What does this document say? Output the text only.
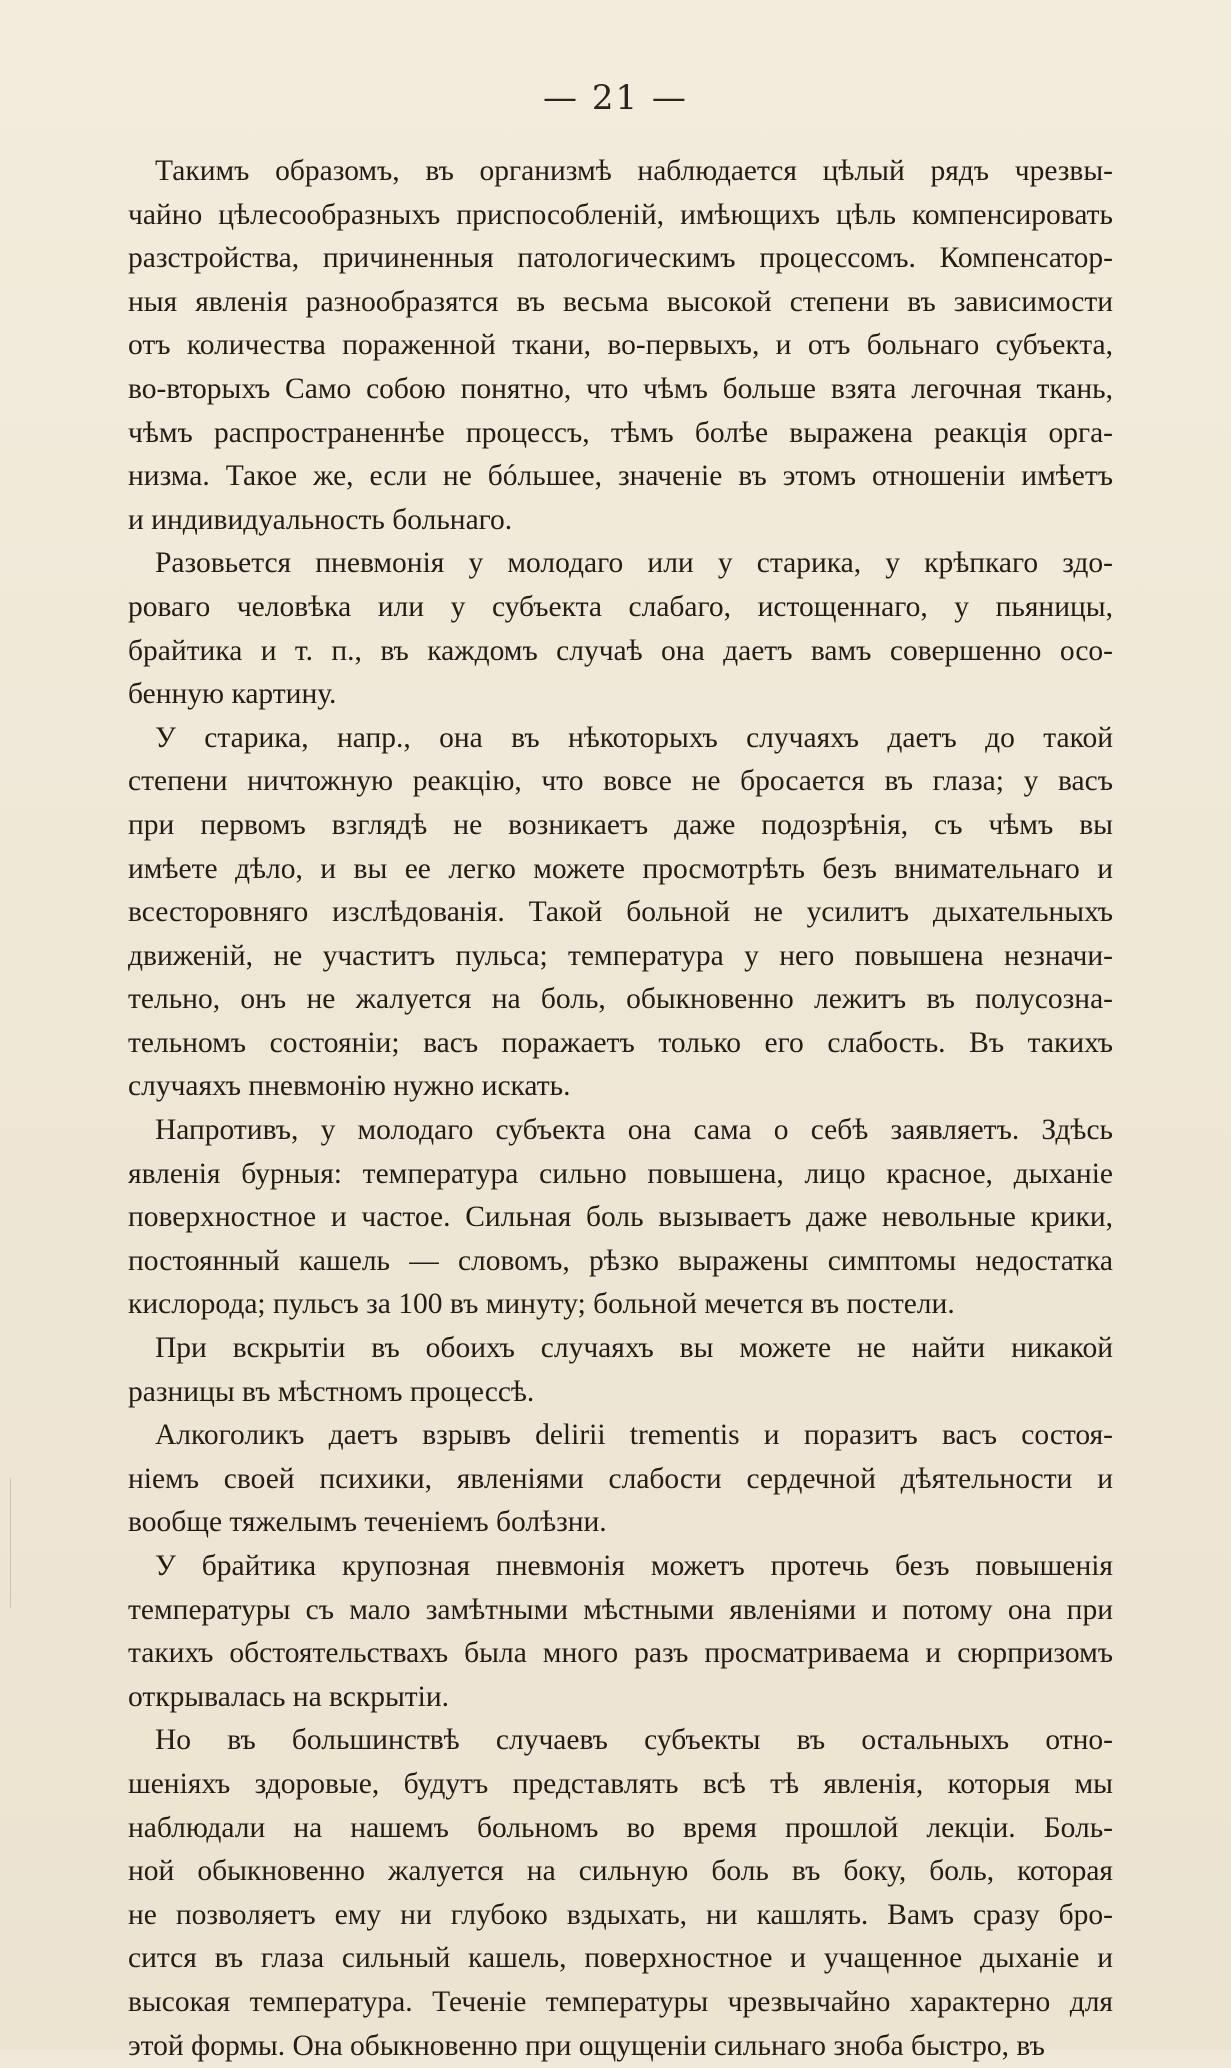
— 21 —
Такимъ образомъ, въ организмѣ наблюдается цѣлый рядъ чрезвы-
чайно цѣлесообразныхъ приспособленій, имѣющихъ цѣль компенсировать
разстройства, причиненныя патологическимъ процессомъ. Компенсатор-
ныя явленія разнообразятся въ весьма высокой степени въ зависимости
отъ количества пораженной ткани, во-первыхъ, и отъ больнаго субъекта,
во-вторыхъ Само собою понятно, что чѣмъ больше взята легочная ткань,
чѣмъ распространеннѣе процессъ, тѣмъ болѣе выражена реакція орга-
низма. Такое же, если не бóльшее, значеніе въ этомъ отношеніи имѣетъ
и индивидуальность больнаго.
Разовьется пневмонія у молодаго или у старика, у крѣпкаго здо-
роваго человѣка или у субъекта слабаго, истощеннаго, у пьяницы,
брайтика и т. п., въ каждомъ случаѣ она даетъ вамъ совершенно осо-
бенную картину.
У старика, напр., она въ нѣкоторыхъ случаяхъ даетъ до такой
степени ничтожную реакцію, что вовсе не бросается въ глаза; у васъ
при первомъ взглядѣ не возникаетъ даже подозрѣнія, съ чѣмъ вы
имѣете дѣло, и вы ее легко можете просмотрѣть безъ внимательнаго и
всесторовняго изслѣдованія. Такой больной не усилитъ дыхательныхъ
движеній, не участитъ пульса; температура у него повышена незначи-
тельно, онъ не жалуется на боль, обыкновенно лежитъ въ полусозна-
тельномъ состояніи; васъ поражаетъ только его слабость. Въ такихъ
случаяхъ пневмонію нужно искать.
Напротивъ, у молодаго субъекта она сама о себѣ заявляетъ. Здѣсь
явленія бурныя: температура сильно повышена, лицо красное, дыханіе
поверхностное и частое. Сильная боль вызываетъ даже невольные крики,
постоянный кашель — словомъ, рѣзко выражены симптомы недостатка
кислорода; пульсъ за 100 въ минуту; больной мечется въ постели.
При вскрытіи въ обоихъ случаяхъ вы можете не найти никакой
разницы въ мѣстномъ процессѣ.
Алкоголикъ даетъ взрывъ delirii trementis и поразитъ васъ состоя-
ніемъ своей психики, явленіями слабости сердечной дѣятельности и
вообще тяжелымъ теченіемъ болѣзни.
У брайтика крупозная пневмонія можетъ протечь безъ повышенія
температуры съ мало замѣтными мѣстными явленіями и потому она при
такихъ обстоятельствахъ была много разъ просматриваема и сюрпризомъ
открывалась на вскрытіи.
Но въ большинствѣ случаевъ субъекты въ остальныхъ отно-
шеніяхъ здоровые, будутъ представлять всѣ тѣ явленія, которыя мы
наблюдали на нашемъ больномъ во время прошлой лекціи. Боль-
ной обыкновенно жалуется на сильную боль въ боку, боль, которая
не позволяетъ ему ни глубоко вздыхать, ни кашлять. Вамъ сразу бро-
сится въ глаза сильный кашель, поверхностное и учащенное дыханіе и
высокая температура. Теченіе температуры чрезвычайно характерно для
этой формы. Она обыкновенно при ощущеніи сильнаго зноба быстро, въ
